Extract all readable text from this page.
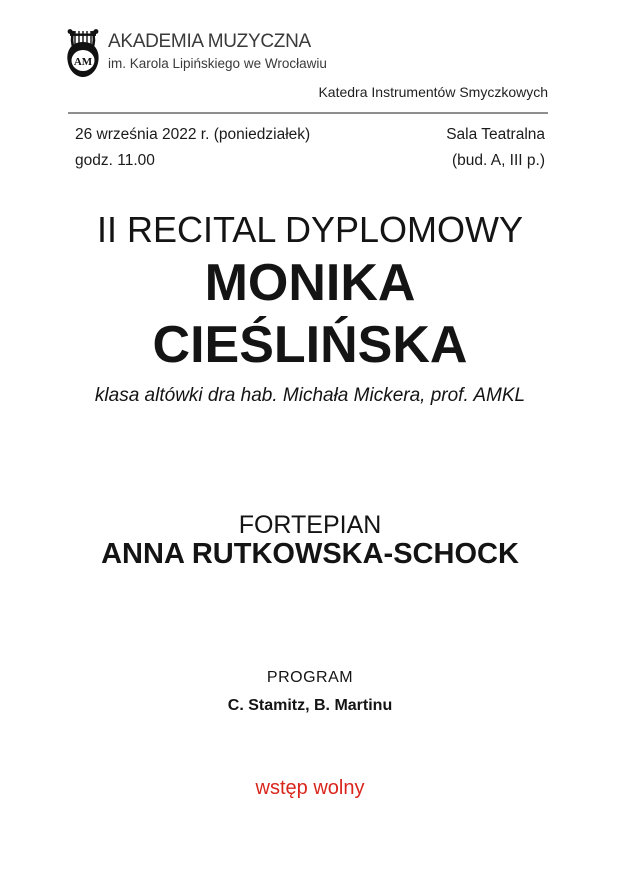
AM
AKADEMIA MUZYCZNA
im. Karola Lipińskiego we Wrocławiu
Katedra Instrumentów Smyczkowych
26 września 2022 r. (poniedziałek)
godz. 11.00
Sala Teatralna
(bud. A, III p.)
II RECITAL DYPLOMOWY
MONIKA
CIEŚLIŃSKA
klasa altówki dra hab. Michała Mickera, prof. AMKL
FORTEPIAN
ANNA RUTKOWSKA-SCHOCK
PROGRAM
C. Stamitz, B. Martinu
wstęp wolny
